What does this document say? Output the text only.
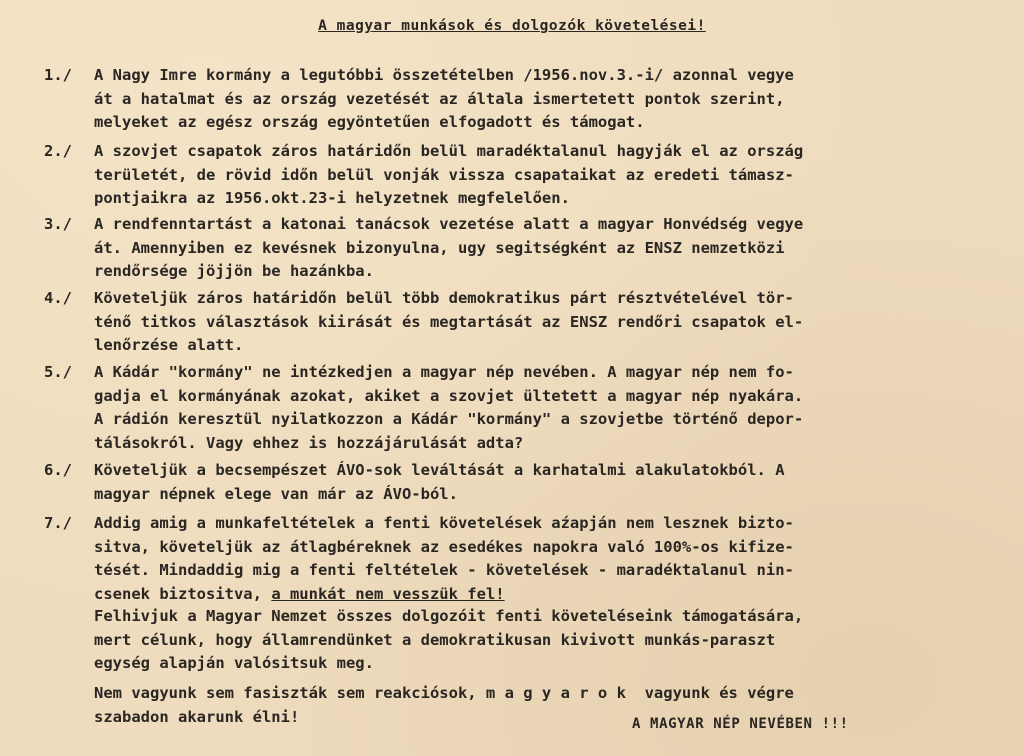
A magyar munkások és dolgozók követelései!
1./	A Nagy Imre kormány a legutóbbi összetételben /1956.nov.3.-i/ azonnal vegye
át a hatalmat és az ország vezetését az általa ismertetett pontok szerint,
melyeket az egész ország egyöntetűen elfogadott és támogat.
2./	A szovjet csapatok záros határidőn belül maradéktalanul hagyják el az ország
területét, de rövid időn belül vonják vissza csapataikat az eredeti támasz-
pontjaikra az 1956.okt.23-i helyzetnek megfelelően.
3./	A rendfenntartást a katonai tanácsok vezetése alatt a magyar Honvédség vegye
át. Amennyiben ez kevésnek bizonyulna, ugy segitségként az ENSZ nemzetközi
rendőrsége jöjjön be hazánkba.
4./	Követeljük záros határidőn belül több demokratikus párt résztvételével tör-
ténő titkos választások kiirását és megtartását az ENSZ rendőri csapatok el-
lenőrzése alatt.
5./	A Kádár "kormány" ne intézkedjen a magyar nép nevében. A magyar nép nem fo-
gadja el kormányának azokat, akiket a szovjet ültetett a magyar nép nyakára.
A rádión keresztül nyilatkozzon a Kádár "kormány" a szovjetbe történő depor-
tálásokról. Vagy ehhez is hozzájárulását adta?
6./	Követeljük a becsempészet ÁVO-sok leváltását a karhatalmi alakulatokból. A
magyar népnek elege van már az ÁVO-ból.
7./	Addig amig a munkafeltételek a fenti követelések aźapján nem lesznek bizto-
sitva, követeljük az átlagbéreknek az esedékes napokra való 100%-os kifize-
tését. Mindaddig mig a fenti feltételek - követelések - maradéktalanul nin-
csenek biztositva, a munkát nem vesszük fel!
Felhivjuk a Magyar Nemzet összes dolgozóit fenti követeléseink támogatására,
mert célunk, hogy államrendünket a demokratikusan kivivott munkás-paraszt
egység alapján valósitsuk meg.
Nem vagyunk sem fasiszták sem reakciósok, m a g y a r o k  vagyunk és végre
szabadon akarunk élni!	A MAGYAR NÉP NEVÉBEN !!!
